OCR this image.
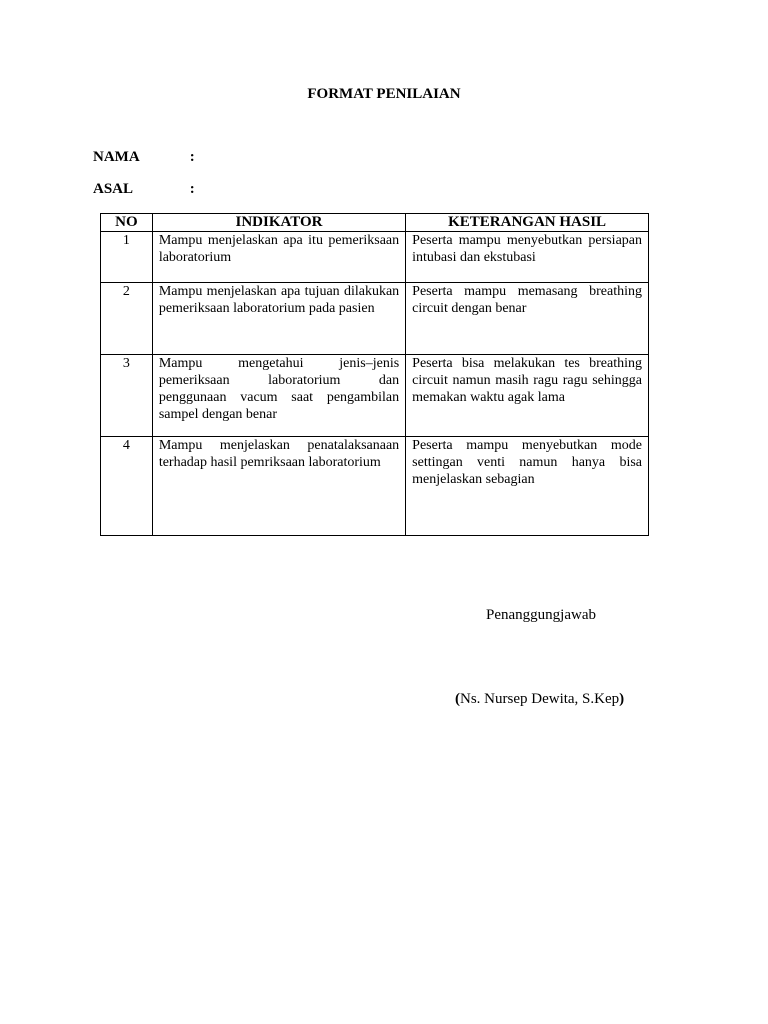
FORMAT PENILAIAN
NAMA	:
ASAL	:
NO	INDIKATOR	KETERANGAN HASIL
1	Mampu menjelaskan apa itu pemeriksaan laboratorium	Peserta mampu menyebutkan persiapan intubasi dan ekstubasi
2	Mampu menjelaskan apa tujuan dilakukan pemeriksaan laboratorium pada pasien	Peserta mampu memasang breathing circuit dengan benar
3	Mampu mengetahui jenis–jenis pemeriksaan laboratorium dan penggunaan vacum saat pengambilan sampel dengan benar	Peserta bisa melakukan tes breathing circuit namun masih ragu ragu sehingga memakan waktu agak lama
4	Mampu menjelaskan penatalaksanaan terhadap hasil pemriksaan laboratorium	Peserta mampu menyebutkan mode settingan venti namun hanya bisa menjelaskan sebagian
Penanggungjawab
(Ns. Nursep Dewita, S.Kep)
